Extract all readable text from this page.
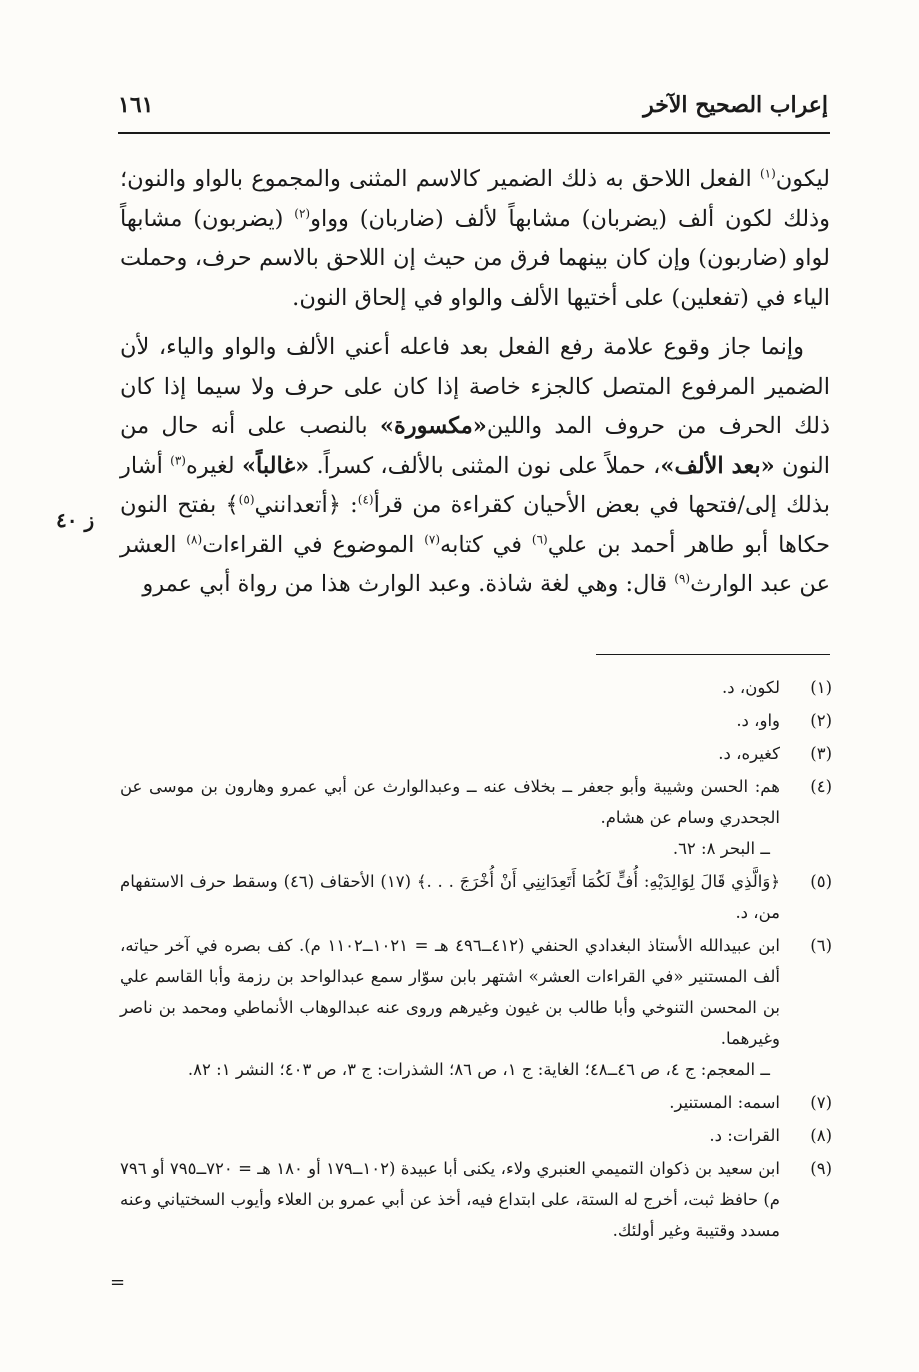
١٦١	إعراب الصحيح الآخر

ليكون$^{(١)}$ الفعل اللاحق به ذلك الضمير كالاسم المثنى والمجموع بالواو والنون؛ وذلك لكون ألف (يضربان) مشابهاً لألف (ضاربان) وواو$^{(٢)}$ (يضربون) مشابهاً لواو (ضاربون) وإن كان بينهما فرق من حيث إن اللاحق بالاسم حرف، وحملت الياء في (تفعلين) على أختيها الألف والواو في إلحاق النون.

وإنما جاز وقوع علامة رفع الفعل بعد فاعله أعني الألف والواو والياء، لأن الضمير المرفوع المتصل كالجزء خاصة إذا كان على حرف ولا سيما إذا كان ذلك الحرف من حروف المد واللين«مكسورة» بالنصب على أنه حال من النون «بعد الألف»، حملاً على نون المثنى بالألف، كسراً. «غالباً» لغيره$^{(٣)}$ أشار بذلك إلى/فتحها في بعض الأحيان كقراءة من قرأ$^{(٤)}$: ﴿أتعدانني$^{(٥)}$﴾ بفتح النون حكاها أبو طاهر أحمد بن علي$^{(٦)}$ في كتابه$^{(٧)}$ الموضوع في القراءات$^{(٨)}$ العشر عن عبد الوارث$^{(٩)}$ قال: وهي لغة شاذة. وعبد الوارث هذا من رواة أبي عمرو

ز ٤٠
(١)

لكون، د.

(٢)

واو، د.

(٣)

كغيره، د.

(٤)

هم: الحسن وشيبة وأبو جعفر ــ بخلاف عنه ــ وعبدالوارث عن أبي عمرو وهارون بن موسى عن الجحدري وسام عن هشام.

ــ البحر ٨: ٦٢.

(٥)

﴿وَالَّذِي قَالَ لِوَالِدَيْهِ: أُفٍّ لَكُمَا أَتَعِدَانِنِي أَنْ أُخْرَجَ . . .﴾ (١٧) الأحقاف (٤٦) وسقط حرف الاستفهام من، د.

(٦)

ابن عبيدالله الأستاذ البغدادي الحنفي (٤١٢ــ٤٩٦ هـ = ١٠٢١ــ١١٠٢ م). كف بصره في آخر حياته، ألف المستنير «في القراءات العشر» اشتهر بابن سوّار سمع عبدالواحد بن رزمة وأبا القاسم علي بن المحسن التنوخي وأبا طالب بن غيون وغيرهم وروى عنه عبدالوهاب الأنماطي ومحمد بن ناصر وغيرهما.

ــ المعجم: ج ٤، ص ٤٦ــ٤٨؛ الغاية: ج ١، ص ٨٦؛ الشذرات: ج ٣، ص ٤٠٣؛ النشر ١: ٨٢.

(٧)

اسمه: المستنير.

(٨)

القرات: د.

(٩)

ابن سعيد بن ذكوان التميمي العنبري ولاء، يكنى أبا عبيدة (١٠٢ــ١٧٩ أو ١٨٠ هـ = ٧٢٠ــ٧٩٥ أو ٧٩٦ م) حافظ ثبت، أخرج له الستة، على ابتداع فيه، أخذ عن أبي عمرو بن العلاء وأيوب السختياني وعنه مسدد وقتيبة وغير أولئك.

=
